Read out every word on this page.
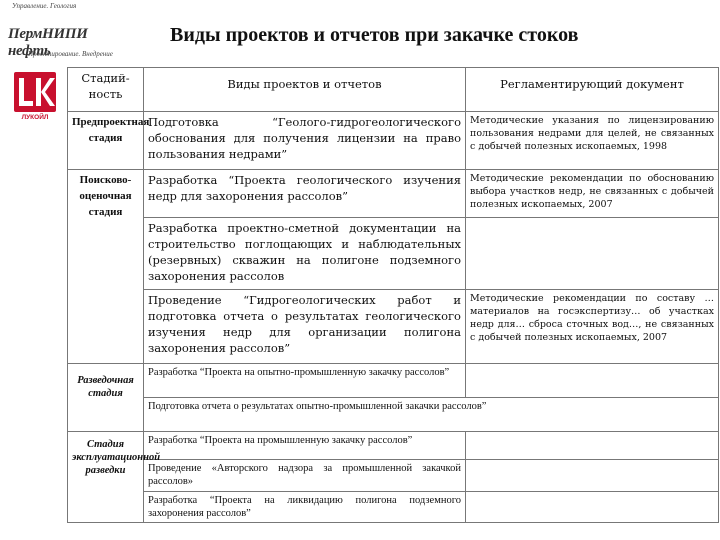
Управление. Геология
ПермНИПИ нефть
Проектирование. Внедрение
Виды проектов и отчетов при закачке стоков
ЛУКОЙЛ
Стадий-ность	Виды проектов и отчетов	Регламентирующий документ
Предпроектная стадия	Подготовка “Геолого-гидрогеологического обоснования для получения лицензии на право пользования недрами”	Методические указания по лицензированию пользования недрами для целей, не связанных с добычей полезных ископаемых, 1998
Поисково-оценочная стадия	Разработка “Проекта геологического изучения недр для захоронения рассолов”	Методические рекомендации по обоснованию выбора участков недр, не связанных с добычей полезных ископаемых, 2007
	Разработка проектно-сметной документации на строительство поглощающих и наблюдательных (резервных) скважин на полигоне подземного захоронения рассолов	
	Проведение “Гидрогеологических работ и подготовка отчета о результатах геологического изучения недр для организации полигона захоронения рассолов”	Методические рекомендации по составу … материалов на госэкспертизу… об участках недр для… сброса сточных вод…, не связанных с добычей полезных ископаемых, 2007
Разведочная стадия	Разработка “Проекта на опытно-промышленную закачку рассолов”	
	Подготовка отчета о результатах опытно-промышленной закачки рассолов”	
Стадия эксплуатационной разведки	Разработка “Проекта на промышленную закачку рассолов”	
	Проведение «Авторского надзора за промышленной закачкой рассолов»	
	Разработка “Проекта на ликвидацию полигона подземного захоронения рассолов”	
